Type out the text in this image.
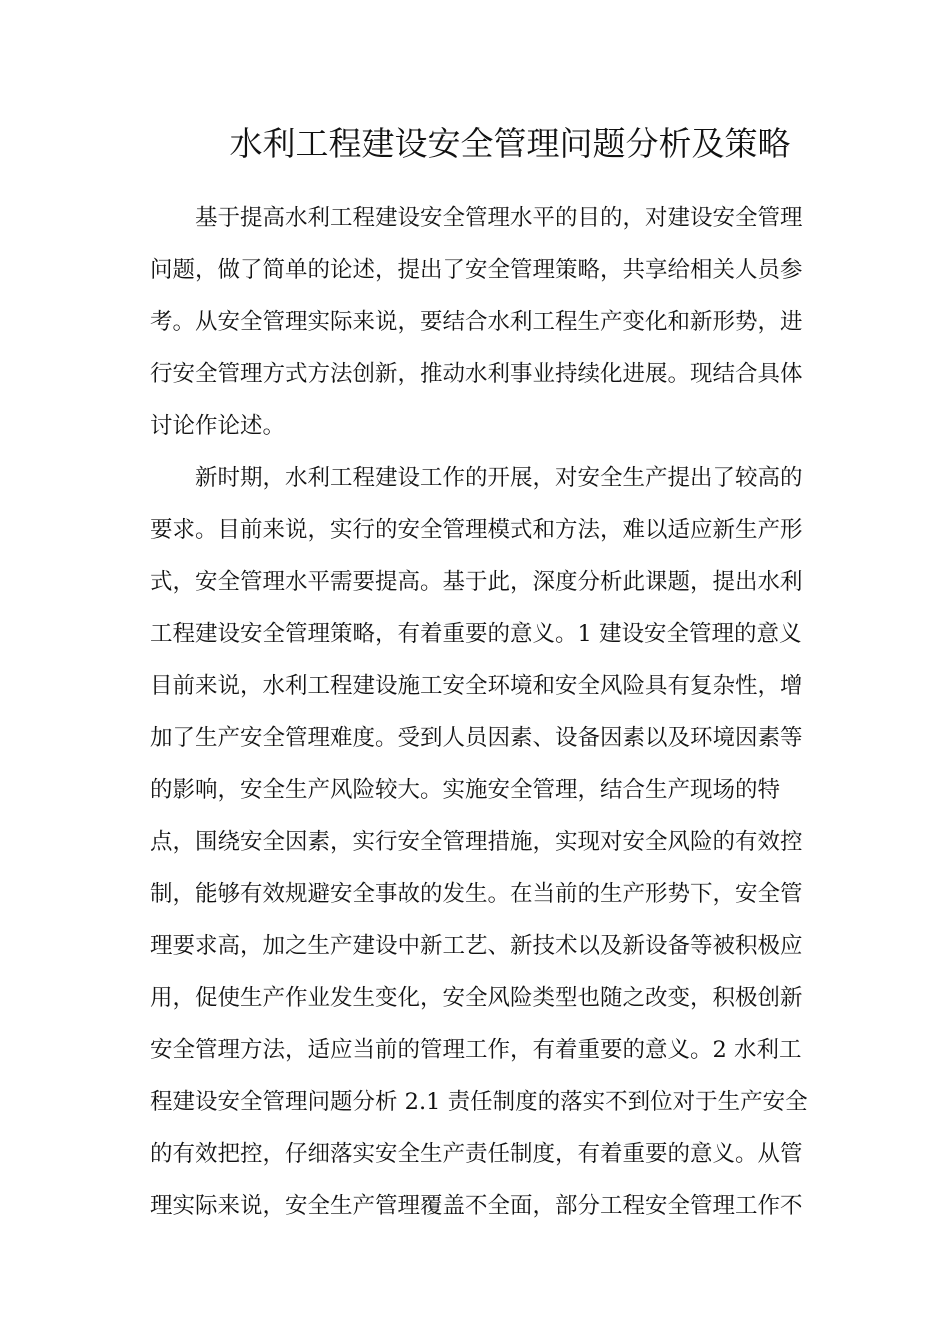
水利工程建设安全管理问题分析及策略
基于提高水利工程建设安全管理水平的目的，对建设安全管理
问题，做了简单的论述，提出了安全管理策略，共享给相关人员参
考。从安全管理实际来说，要结合水利工程生产变化和新形势，进
行安全管理方式方法创新，推动水利事业持续化进展。现结合具体
讨论作论述。
新时期，水利工程建设工作的开展，对安全生产提出了较高的
要求。目前来说，实行的安全管理模式和方法，难以适应新生产形
式，安全管理水平需要提高。基于此，深度分析此课题，提出水利
工程建设安全管理策略，有着重要的意义。1 建设安全管理的意义
目前来说，水利工程建设施工安全环境和安全风险具有复杂性，增
加了生产安全管理难度。受到人员因素、设备因素以及环境因素等
的影响，安全生产风险较大。实施安全管理，结合生产现场的特
点，围绕安全因素，实行安全管理措施，实现对安全风险的有效控
制，能够有效规避安全事故的发生。在当前的生产形势下，安全管
理要求高，加之生产建设中新工艺、新技术以及新设备等被积极应
用，促使生产作业发生变化，安全风险类型也随之改变，积极创新
安全管理方法，适应当前的管理工作，有着重要的意义。2 水利工
程建设安全管理问题分析 2.1 责任制度的落实不到位对于生产安全
的有效把控，仔细落实安全生产责任制度，有着重要的意义。从管
理实际来说，安全生产管理覆盖不全面，部分工程安全管理工作不
